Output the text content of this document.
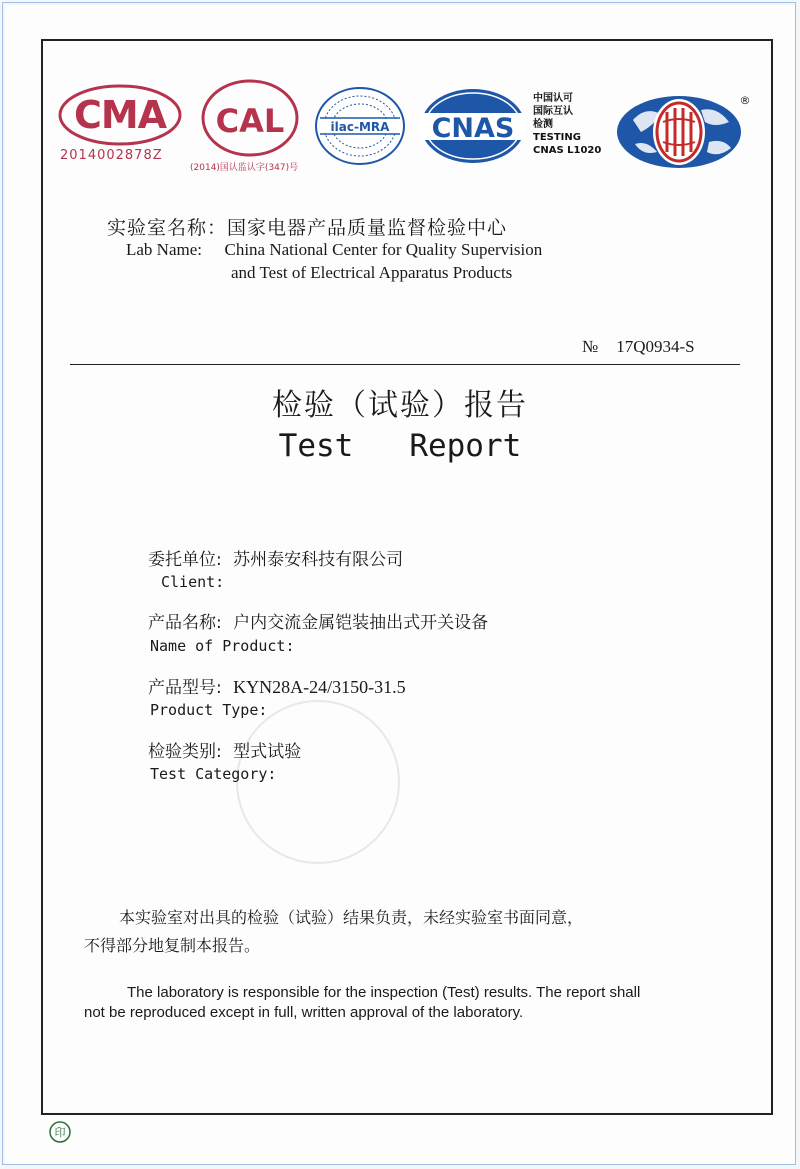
CMA
2014002878Z
CAL
(2014)国认监认字(347)号
ilac-MRA CNAS
中国认可
国际互认
检测
TESTING
CNAS L1020
®
实验室名称：国家电器产品质量监督检验中心
Lab Name: China National Center for Quality Supervision
and Test of Electrical Apparatus Products
№ 17Q0934-S
检验（试验）报告
Test   Report
委托单位: 苏州泰安科技有限公司
Client:
产品名称: 户内交流金属铠装抽出式开关设备
Name of Product:
产品型号: KYN28A-24/3150-31.5
Product Type:
检验类别: 型式试验
Test Category:
本实验室对出具的检验（试验）结果负责，未经实验室书面同意，
不得部分地复制本报告。
The laboratory is responsible for the inspection (Test) results. The report shall
not be reproduced except in full, written approval of the laboratory.
印
